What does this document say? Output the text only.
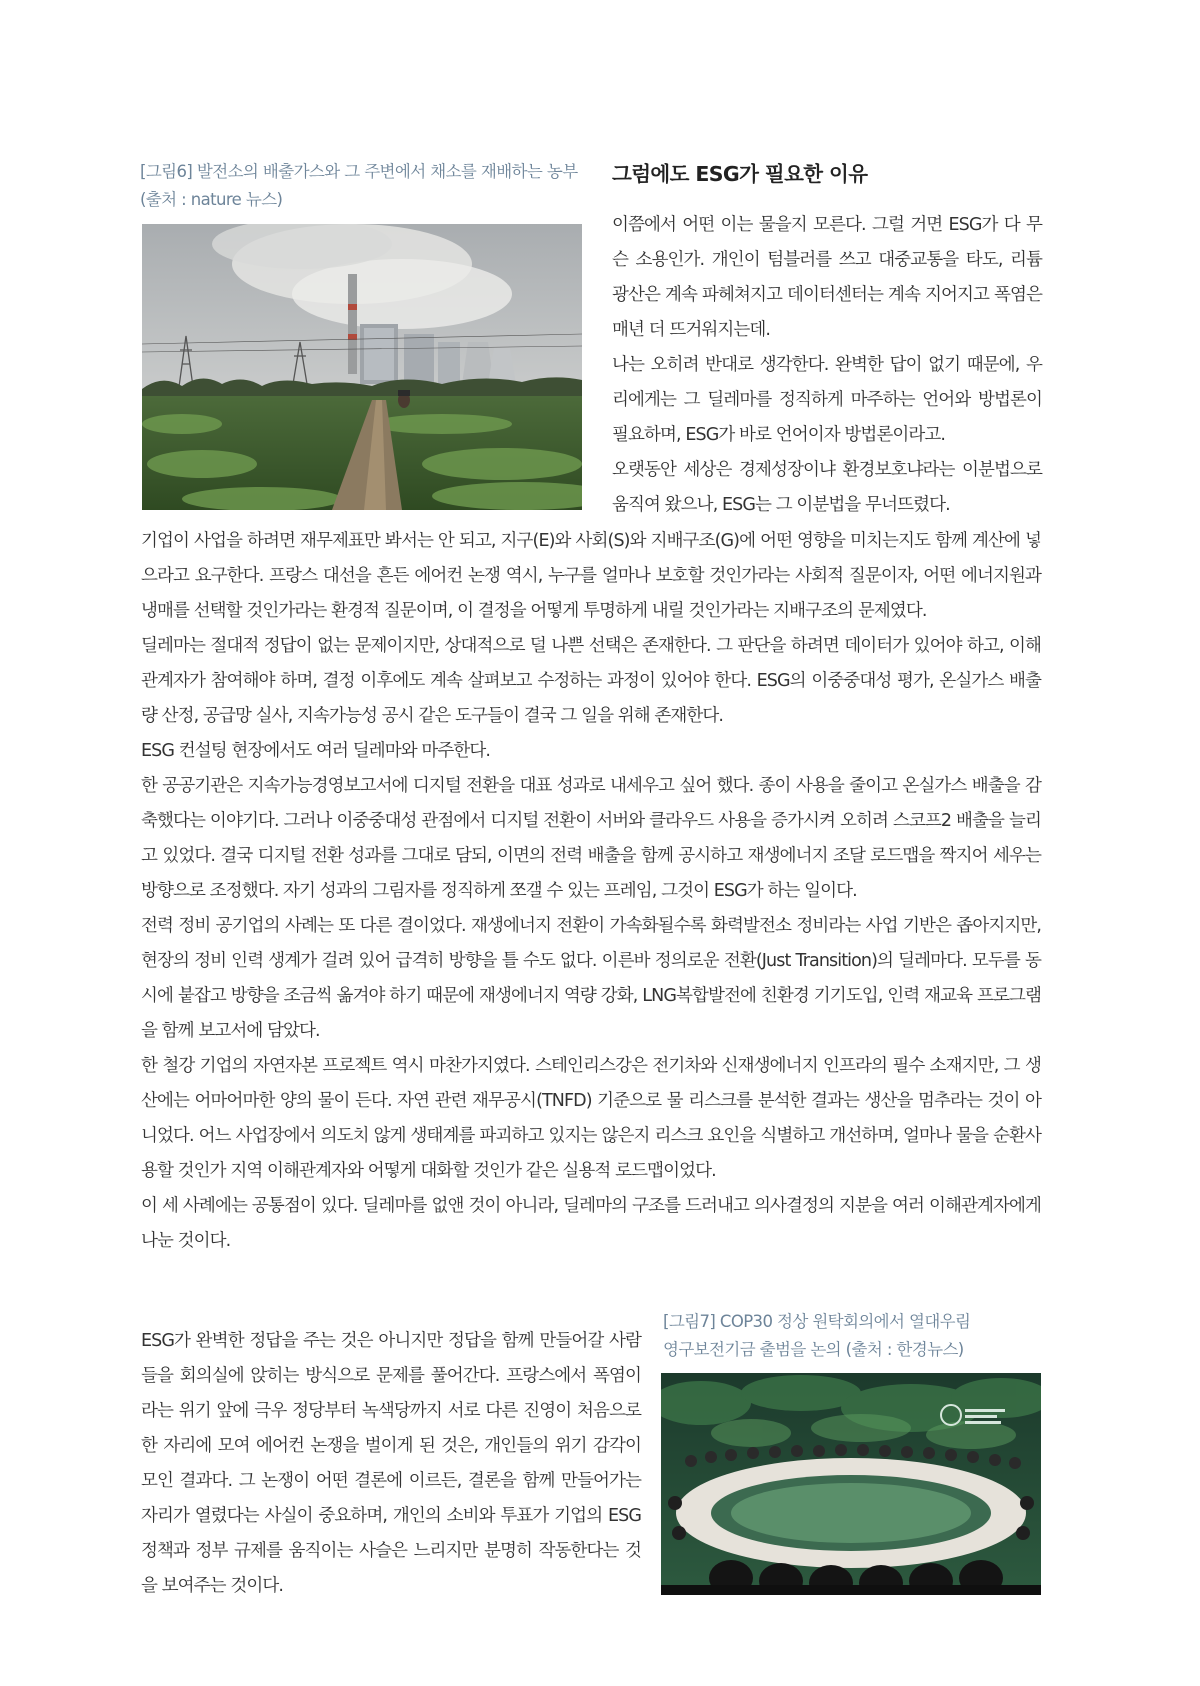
[그림6] 발전소의 배출가스와 그 주변에서 채소를 재배하는 농부
(출처 : nature 뉴스)
그럼에도 ESG가 필요한 이유

이쯤에서 어떤 이는 물을지 모른다. 그럴 거면 ESG가 다 무슨 소용인가. 개인이 텀블러를 쓰고 대중교통을 타도, 리튬 광산은 계속 파헤쳐지고 데이터센터는 계속 지어지고 폭염은 매년 더 뜨거워지는데.

나는 오히려 반대로 생각한다. 완벽한 답이 없기 때문에, 우리에게는 그 딜레마를 정직하게 마주하는 언어와 방법론이 필요하며, ESG가 바로 언어이자 방법론이라고.

오랫동안 세상은 경제성장이냐 환경보호냐라는 이분법으로 움직여 왔으나, ESG는 그 이분법을 무너뜨렸다.

기업이 사업을 하려면 재무제표만 봐서는 안 되고, 지구(E)와 사회(S)와 지배구조(G)에 어떤 영향을 미치는지도 함께 계산에 넣으라고 요구한다. 프랑스 대선을 흔든 에어컨 논쟁 역시, 누구를 얼마나 보호할 것인가라는 사회적 질문이자, 어떤 에너지원과 냉매를 선택할 것인가라는 환경적 질문이며, 이 결정을 어떻게 투명하게 내릴 것인가라는 지배구조의 문제였다.

딜레마는 절대적 정답이 없는 문제이지만, 상대적으로 덜 나쁜 선택은 존재한다. 그 판단을 하려면 데이터가 있어야 하고, 이해관계자가 참여해야 하며, 결정 이후에도 계속 살펴보고 수정하는 과정이 있어야 한다. ESG의 이중중대성 평가, 온실가스 배출량 산정, 공급망 실사, 지속가능성 공시 같은 도구들이 결국 그 일을 위해 존재한다.

ESG 컨설팅 현장에서도 여러 딜레마와 마주한다.

한 공공기관은 지속가능경영보고서에 디지털 전환을 대표 성과로 내세우고 싶어 했다. 종이 사용을 줄이고 온실가스 배출을 감축했다는 이야기다. 그러나 이중중대성 관점에서 디지털 전환이 서버와 클라우드 사용을 증가시켜 오히려 스코프2 배출을 늘리고 있었다. 결국 디지털 전환 성과를 그대로 담되, 이면의 전력 배출을 함께 공시하고 재생에너지 조달 로드맵을 짝지어 세우는 방향으로 조정했다. 자기 성과의 그림자를 정직하게 쪼갤 수 있는 프레임, 그것이 ESG가 하는 일이다.

전력 정비 공기업의 사례는 또 다른 결이었다. 재생에너지 전환이 가속화될수록 화력발전소 정비라는 사업 기반은 좁아지지만, 현장의 정비 인력 생계가 걸려 있어 급격히 방향을 틀 수도 없다. 이른바 정의로운 전환(Just Transition)의 딜레마다. 모두를 동시에 붙잡고 방향을 조금씩 옮겨야 하기 때문에 재생에너지 역량 강화, LNG복합발전에 친환경 기기도입, 인력 재교육 프로그램을 함께 보고서에 담았다.

한 철강 기업의 자연자본 프로젝트 역시 마찬가지였다. 스테인리스강은 전기차와 신재생에너지 인프라의 필수 소재지만, 그 생산에는 어마어마한 양의 물이 든다. 자연 관련 재무공시(TNFD) 기준으로 물 리스크를 분석한 결과는 생산을 멈추라는 것이 아니었다. 어느 사업장에서 의도치 않게 생태계를 파괴하고 있지는 않은지 리스크 요인을 식별하고 개선하며, 얼마나 물을 순환사용할 것인가 지역 이해관계자와 어떻게 대화할 것인가 같은 실용적 로드맵이었다.

이 세 사례에는 공통점이 있다. 딜레마를 없앤 것이 아니라, 딜레마의 구조를 드러내고 의사결정의 지분을 여러 이해관계자에게 나눈 것이다.

ESG가 완벽한 정답을 주는 것은 아니지만 정답을 함께 만들어갈 사람들을 회의실에 앉히는 방식으로 문제를 풀어간다. 프랑스에서 폭염이라는 위기 앞에 극우 정당부터 녹색당까지 서로 다른 진영이 처음으로 한 자리에 모여 에어컨 논쟁을 벌이게 된 것은, 개인들의 위기 감각이 모인 결과다. 그 논쟁이 어떤 결론에 이르든, 결론을 함께 만들어가는 자리가 열렸다는 사실이 중요하며, 개인의 소비와 투표가 기업의 ESG 정책과 정부 규제를 움직이는 사슬은 느리지만 분명히 작동한다는 것을 보여주는 것이다.

[그림7] COP30 정상 원탁회의에서 열대우림
영구보전기금 출범을 논의 (출처 : 한경뉴스)
